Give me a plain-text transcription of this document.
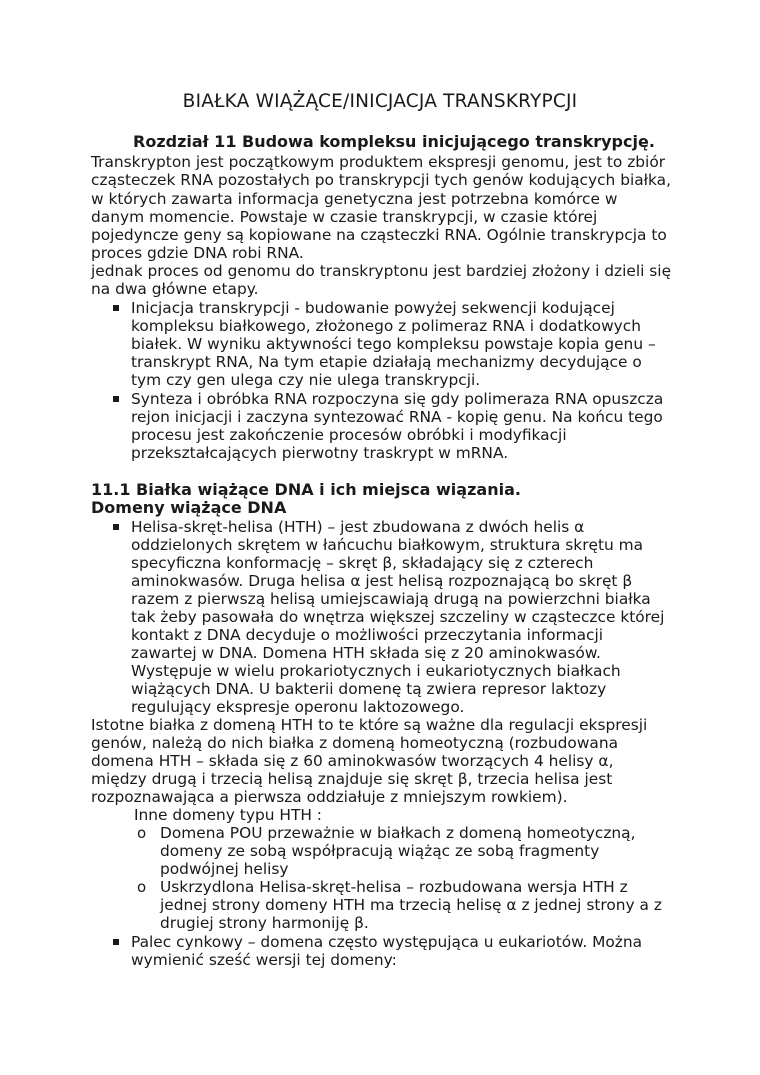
BIAŁKA WIĄŻĄCE/INICJACJA TRANSKRYPCJI
Rozdział 11 Budowa kompleksu inicjującego transkrypcję.
Transkrypton jest początkowym produktem ekspresji genomu, jest to zbiór
cząsteczek RNA pozostałych po transkrypcji tych genów kodujących białka,
w których zawarta informacja genetyczna jest potrzebna komórce w
danym momencie. Powstaje w czasie transkrypcji, w czasie której
pojedyncze geny są kopiowane na cząsteczki RNA. Ogólnie transkrypcja to
proces gdzie DNA robi RNA.
jednak proces od genomu do transkryptonu jest bardziej złożony i dzieli się
na dwa główne etapy.
Inicjacja transkrypcji - budowanie powyżej sekwencji kodującej
kompleksu białkowego, złożonego z polimeraz RNA i dodatkowych
białek. W wyniku aktywności tego kompleksu powstaje kopia genu –
transkrypt RNA, Na tym etapie działają mechanizmy decydujące o
tym czy gen ulega czy nie ulega transkrypcji.
Synteza i obróbka RNA rozpoczyna się gdy polimeraza RNA opuszcza
rejon inicjacji i zaczyna syntezować RNA - kopię genu. Na końcu tego
procesu jest zakończenie procesów obróbki i modyfikacji
przekształcających pierwotny traskrypt w mRNA.
11.1 Białka wiążące DNA i ich miejsca wiązania.
Domeny wiążące DNA
Helisa-skręt-helisa (HTH) – jest zbudowana z dwóch helis α
oddzielonych skrętem w łańcuchu białkowym, struktura skrętu ma
specyficzna konformację – skręt β, składający się z czterech
aminokwasów. Druga helisa α jest helisą rozpoznającą bo skręt β
razem z pierwszą helisą umiejscawiają drugą na powierzchni białka
tak żeby pasowała do wnętrza większej szczeliny w cząsteczce której
kontakt z DNA decyduje o możliwości przeczytania informacji
zawartej w DNA. Domena HTH składa się z 20 aminokwasów.
Występuje w wielu prokariotycznych i eukariotycznych białkach
wiążących DNA. U bakterii domenę tą zwiera represor laktozy
regulujący ekspresje operonu laktozowego.
Istotne białka z domeną HTH to te które są ważne dla regulacji ekspresji
genów, należą do nich białka z domeną homeotyczną (rozbudowana
domena HTH – składa się z 60 aminokwasów tworzących 4 helisy α,
między drugą i trzecią helisą znajduje się skręt β, trzecia helisa jest
rozpoznawająca a pierwsza oddziałuje z mniejszym rowkiem).
Inne domeny typu HTH :
o Domena POU przeważnie w białkach z domeną homeotyczną,
domeny ze sobą współpracują wiążąc ze sobą fragmenty
podwójnej helisy
o Uskrzydlona Helisa-skręt-helisa – rozbudowana wersja HTH z
jednej strony domeny HTH ma trzecią helisę α z jednej strony a z
drugiej strony harmoniję β.
Palec cynkowy – domena często występująca u eukariotów. Można
wymienić sześć wersji tej domeny:
